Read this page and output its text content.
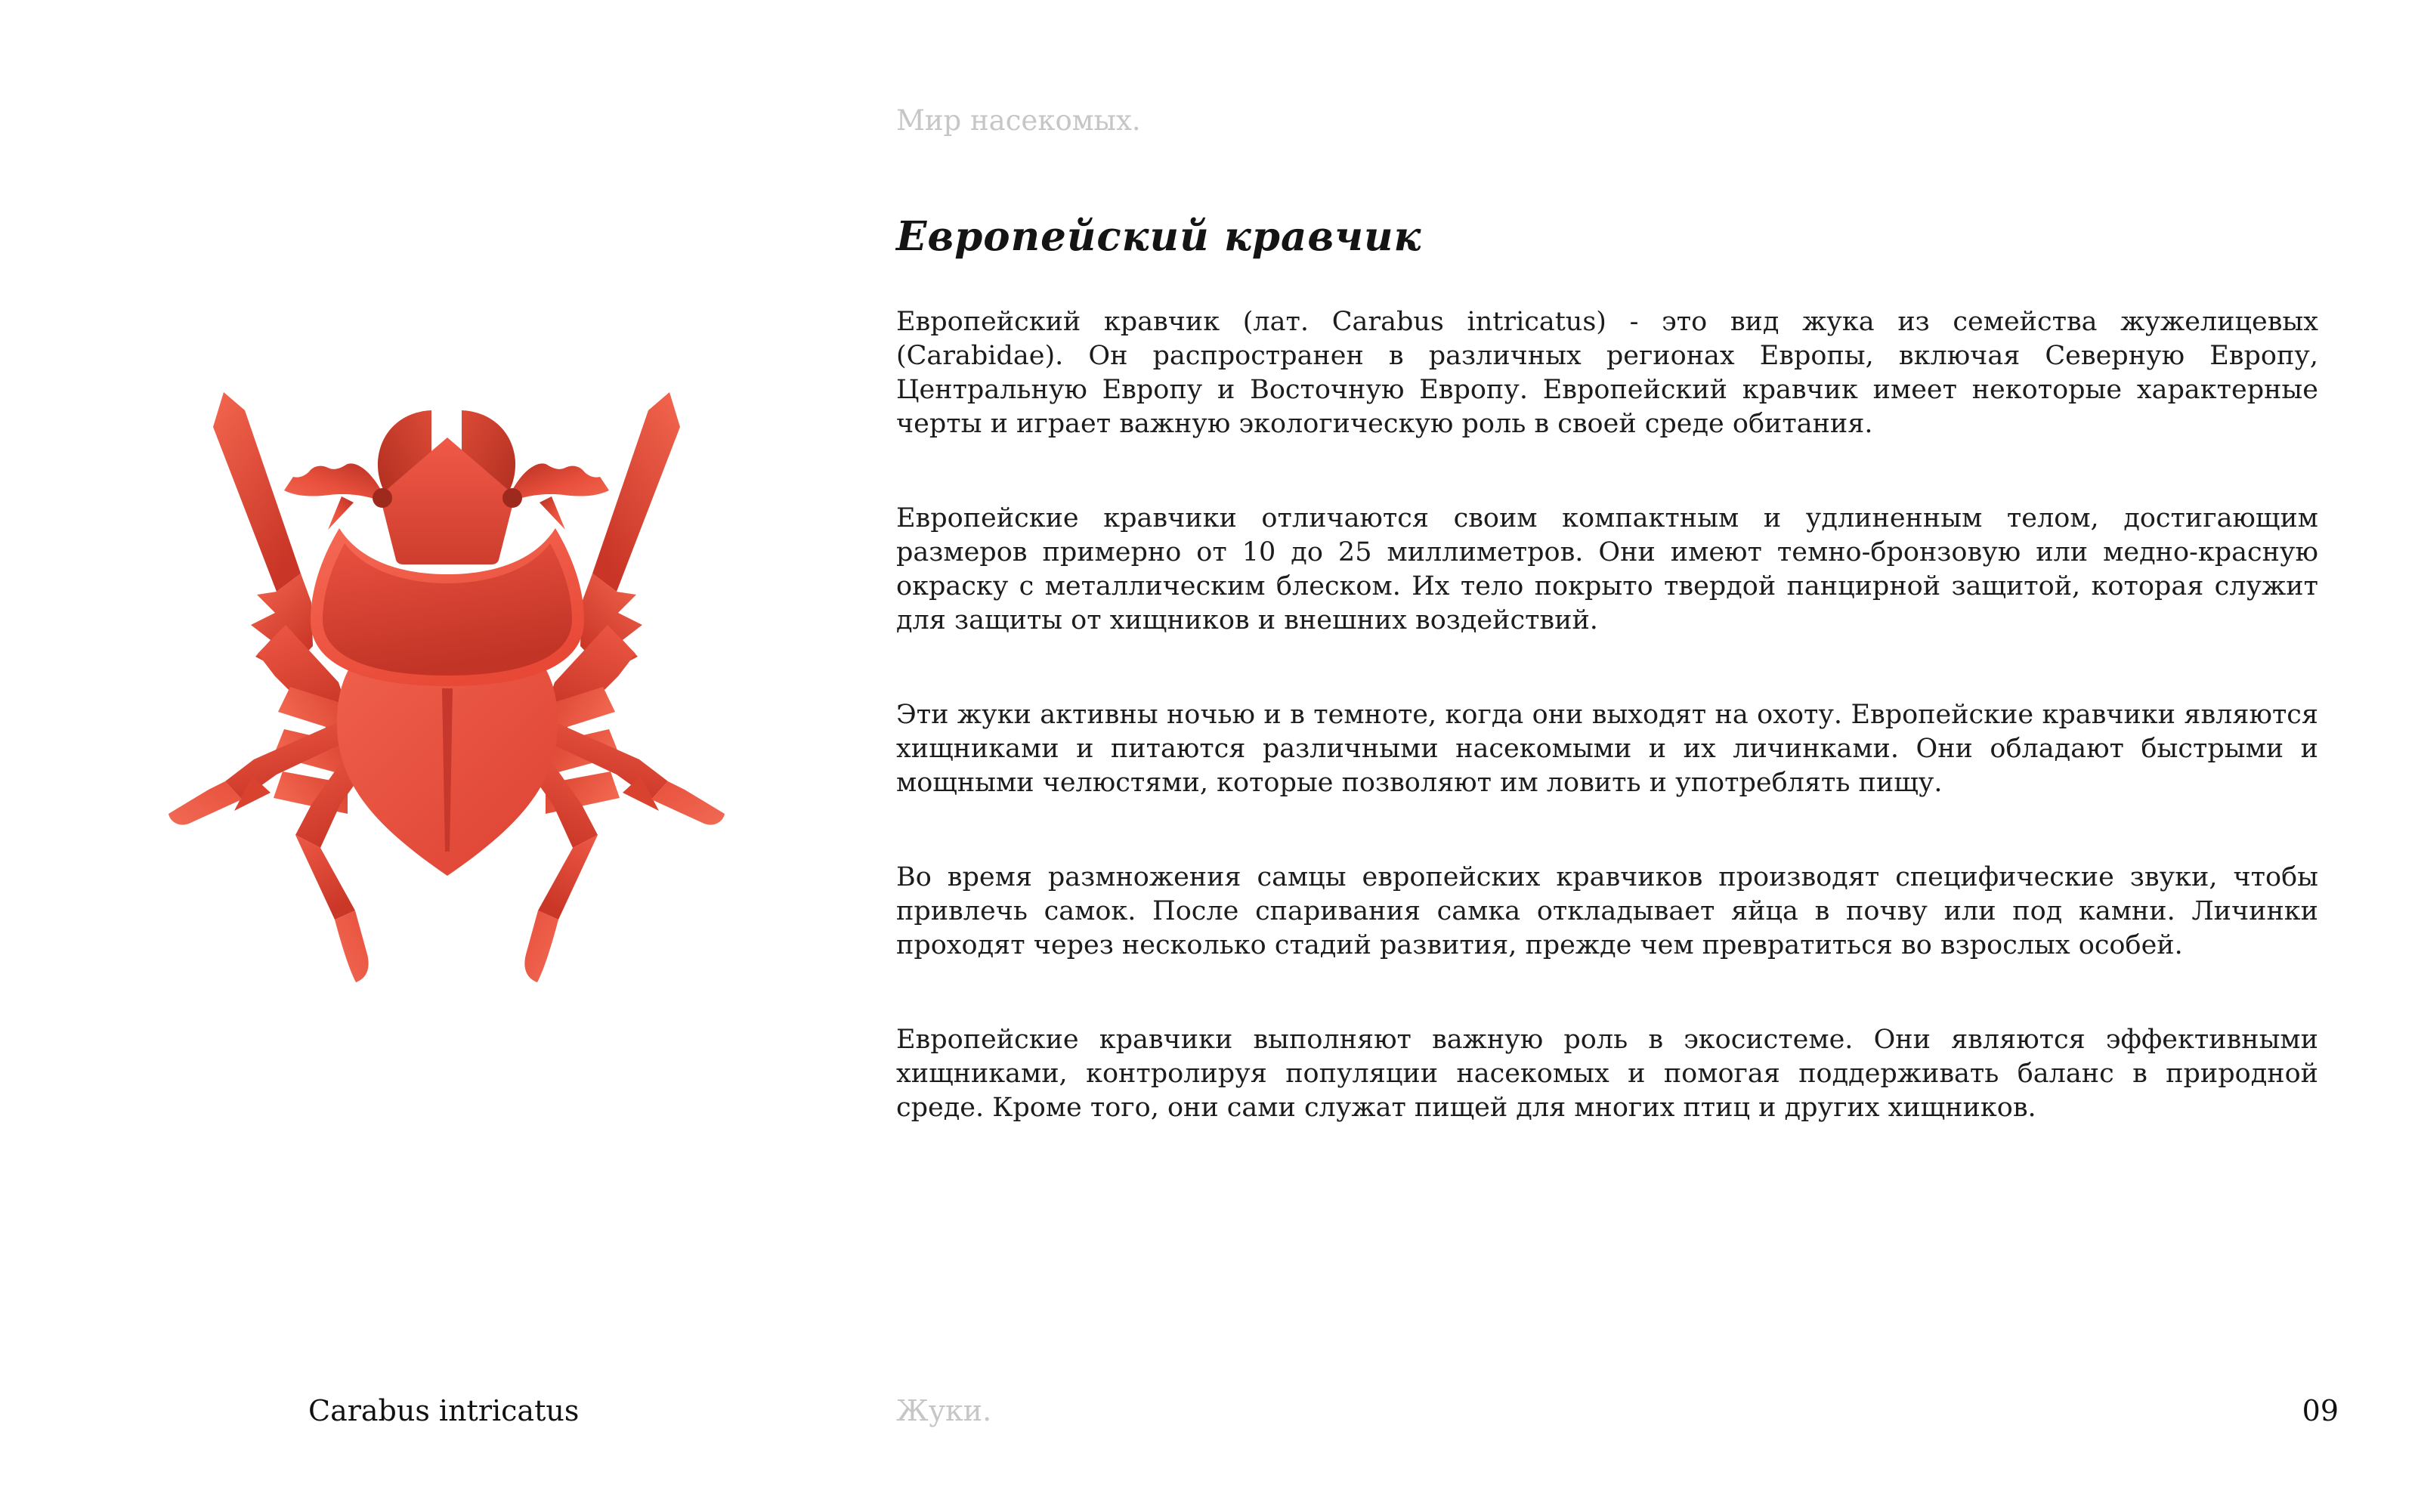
Мир насекомых.
Европейский кравчик

Европейский кравчик (лат. Carabus intricatus) - это вид жука из семейства жужелицевых (Carabidae). Он распространен в различных регионах Европы, включая Северную Европу, Центральную Европу и Восточную Европу. Европейский кравчик имеет некоторые характерные черты и играет важную экологическую роль в своей среде обитания.

Европейские кравчики отличаются своим компактным и удлиненным телом, достигающим размеров примерно от 10 до 25 миллиметров. Они имеют темно-бронзовую или медно-красную окраску с металлическим блеском. Их тело покрыто твердой панцирной защитой, которая служит для защиты от хищников и внешних воздействий.

Эти жуки активны ночью и в темноте, когда они выходят на охоту. Европейские кравчики являются хищниками и питаются различными насекомыми и их личинками. Они обладают быстрыми и мощными челюстями, которые позволяют им ловить и употреблять пищу.

Во время размножения самцы европейских кравчиков производят специфические звуки, чтобы привлечь самок. После спаривания самка откладывает яйца в почву или под камни. Личинки проходят через несколько стадий развития, прежде чем превратиться во взрослых особей.

Европейские кравчики выполняют важную роль в экосистеме. Они являются эффективными хищниками, контролируя популяции насекомых и помогая поддерживать баланс в природной среде. Кроме того, они сами служат пищей для многих птиц и других хищников.

Carabus intricatus	Жуки.	09
